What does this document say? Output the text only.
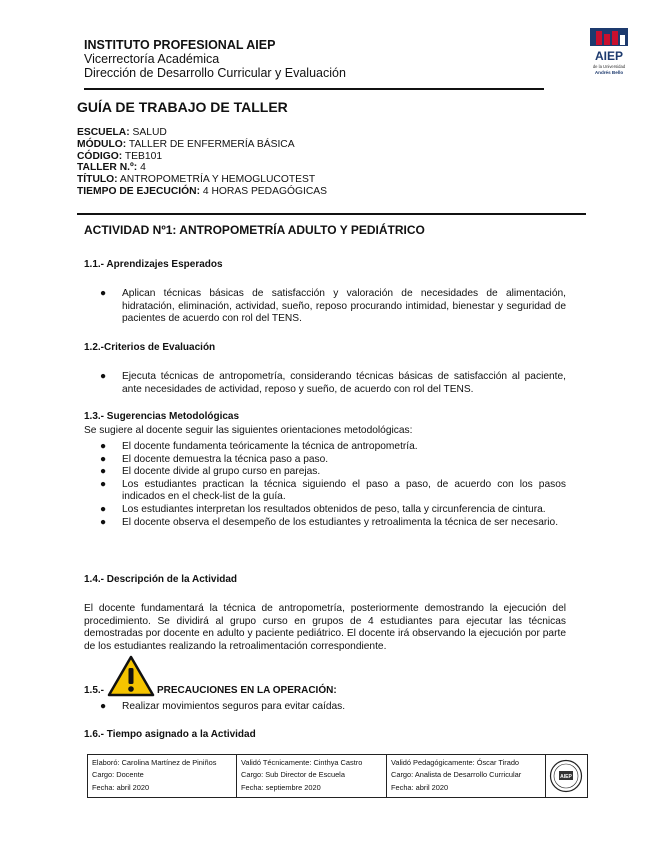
INSTITUTO PROFESIONAL AIEP
Vicerrectoría Académica
Dirección de Desarrollo Curricular y Evaluación
AIEP
de la Universidad
Andrés Bello
GUÍA DE TRABAJO DE TALLER
ESCUELA: SALUD
MÓDULO: TALLER DE ENFERMERÍA BÁSICA
CÓDIGO: TEB101
TALLER N.º: 4
TÍTULO: ANTROPOMETRÍA Y HEMOGLUCOTEST
TIEMPO DE EJECUCIÓN: 4 HORAS PEDAGÓGICAS
ACTIVIDAD Nº1: ANTROPOMETRÍA ADULTO Y PEDIÁTRICO
1.1.- Aprendizajes Esperados
● Aplican técnicas básicas de satisfacción y valoración de necesidades de alimentación, hidratación, eliminación, actividad, sueño, reposo procurando intimidad, bienestar y seguridad de pacientes de acuerdo con rol del TENS.
1.2.-Criterios de Evaluación
● Ejecuta técnicas de antropometría, considerando técnicas básicas de satisfacción al paciente, ante necesidades de actividad, reposo y sueño, de acuerdo con rol del TENS.
1.3.- Sugerencias Metodológicas
Se sugiere al docente seguir las siguientes orientaciones metodológicas:
● El docente fundamenta teóricamente la técnica de antropometría.
● El docente demuestra la técnica paso a paso.
● El docente divide al grupo curso en parejas.
● Los estudiantes practican la técnica siguiendo el paso a paso, de acuerdo con los pasos indicados en el check-list de la guía.
● Los estudiantes interpretan los resultados obtenidos de peso, talla y circunferencia de cintura.
● El docente observa el desempeño de los estudiantes y retroalimenta la técnica de ser necesario.
1.4.- Descripción de la Actividad
El docente fundamentará la técnica de antropometría, posteriormente demostrando la ejecución del procedimiento. Se dividirá al grupo curso en grupos de 4 estudiantes para ejecutar las técnicas demostradas por docente en adulto y paciente pediátrico. El docente irá observando la ejecución por parte de los estudiantes realizando la retroalimentación correspondiente.
1.5.-	PRECAUCIONES EN LA OPERACIÓN:
● Realizar movimientos seguros para evitar caídas.
1.6.- Tiempo asignado a la Actividad
Elaboró: Carolina Martínez de Piniños
Cargo: Docente
Fecha: abril 2020
Validó Técnicamente: Cinthya Castro
Cargo: Sub Director de Escuela
Fecha: septiembre 2020
Validó Pedagógicamente: Óscar Tirado
Cargo: Analista de Desarrollo Curricular
Fecha: abril 2020
AIEP
